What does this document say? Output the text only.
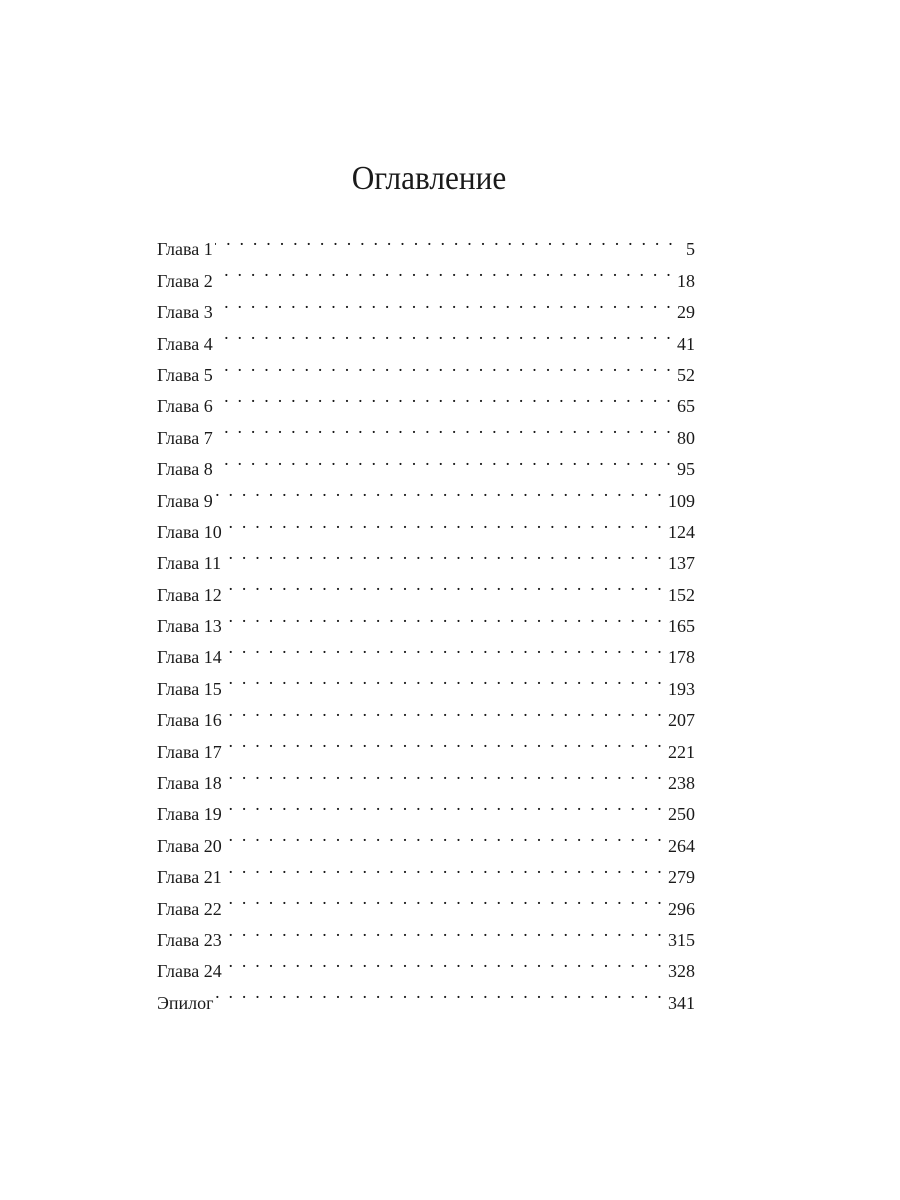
Оглавление
Глава 1 . . .	5
Глава 2 . . .	18
Глава 3 . . .	29
Глава 4 . . .	41
Глава 5 . . .	52
Глава 6 . . .	65
Глава 7 . . .	80
Глава 8 . . .	95
Глава 9 . . .	109
Глава 10 . . .	124
Глава 11 . . .	137
Глава 12 . . .	152
Глава 13 . . .	165
Глава 14 . . .	178
Глава 15 . . .	193
Глава 16 . . .	207
Глава 17 . . .	221
Глава 18 . . .	238
Глава 19 . . .	250
Глава 20 . . .	264
Глава 21 . . .	279
Глава 22 . . .	296
Глава 23 . . .	315
Глава 24 . . .	328
Эпилог . . .	341
